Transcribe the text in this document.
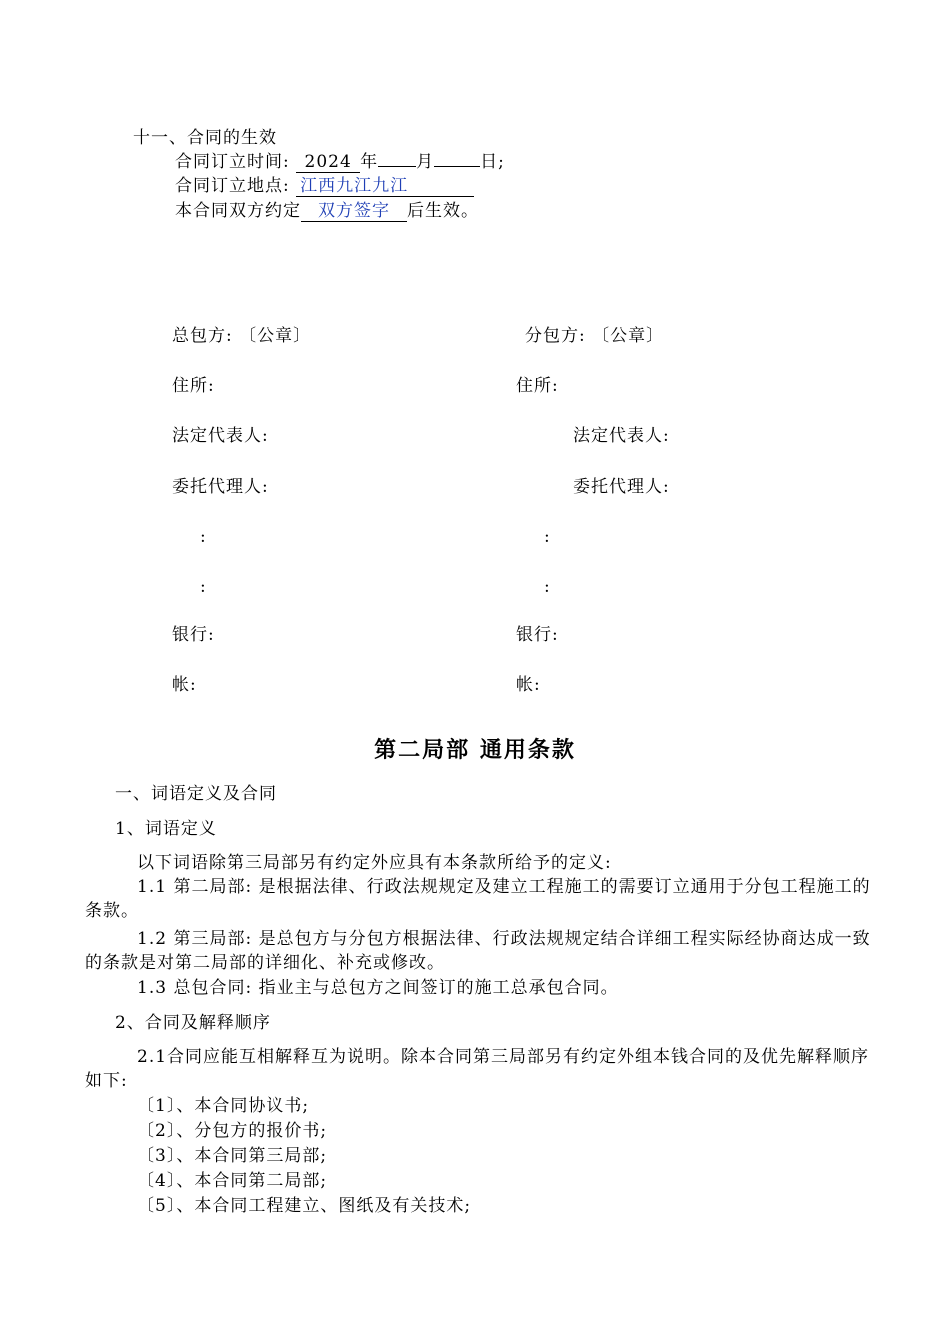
十一、合同的生效
合同订立时间: 2024 年 月	日;
合同订立地点: 江西九江九江
本合同双方约定 双方签字 后生效。
总包方: 〔公章〕
住所:
法定代表人:
委托代理人:
:
:
银行:
帐:
分包方: 〔公章〕
住所:
法定代表人:
委托代理人:
:
:
银行:
帐:
第二局部 通用条款
一、词语定义及合同
1、词语定义
以下词语除第三局部另有约定外应具有本条款所给予的定义:
1.1 第二局部: 是根据法律、行政法规规定及建立工程施工的需要订立通用于分包工程施工的条款。
1.2 第三局部: 是总包方与分包方根据法律、行政法规规定结合详细工程实际经协商达成一致的条款是对第二局部的详细化、补充或修改。
1.3 总包合同: 指业主与总包方之间签订的施工总承包合同。
2、合同及解释顺序
2.1合同应能互相解释互为说明。除本合同第三局部另有约定外组本钱合同的及优先解释顺序如下:
〔1〕、本合同协议书;
〔2〕、分包方的报价书;
〔3〕、本合同第三局部;
〔4〕、本合同第二局部;
〔5〕、本合同工程建立、图纸及有关技术;
